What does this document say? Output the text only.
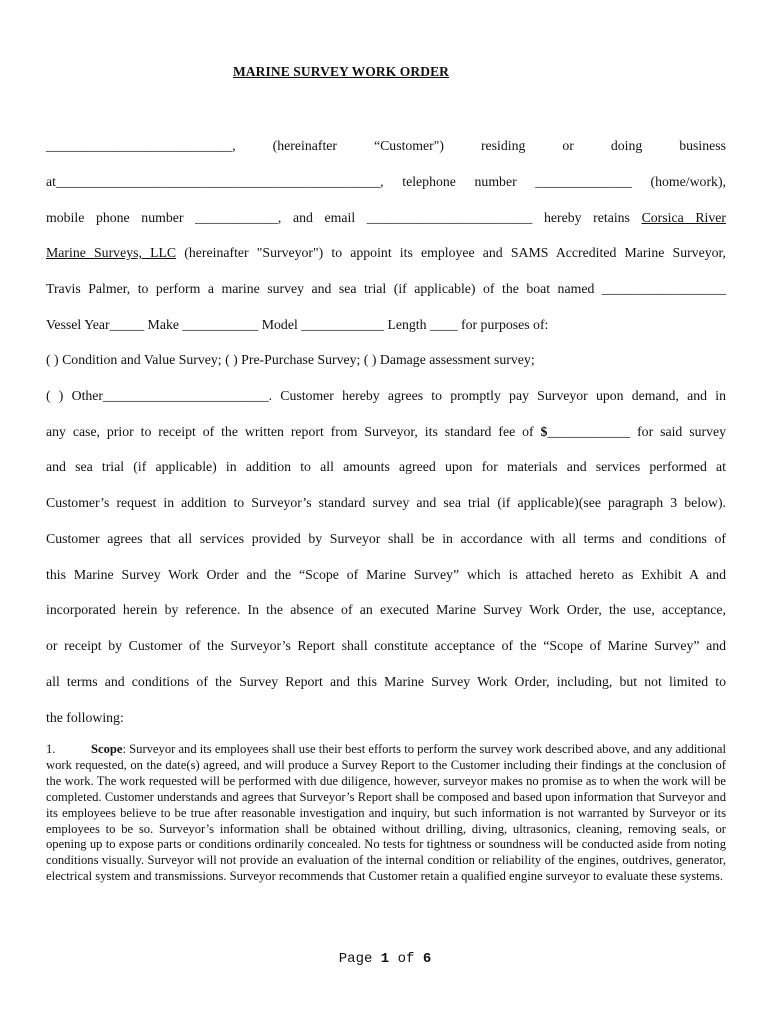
MARINE SURVEY WORK ORDER
___________________________, (hereinafter “Customer") residing or doing business
at_______________________________________________, telephone number ______________ (home/work),
mobile phone number ____________, and email ________________________ hereby retains Corsica River
Marine Surveys, LLC (hereinafter "Surveyor") to appoint its employee and SAMS Accredited Marine Surveyor,
Travis Palmer, to perform a marine survey and sea trial (if applicable) of the boat named __________________
Vessel Year_____ Make ___________ Model ____________ Length ____ for purposes of:
( ) Condition and Value Survey; ( ) Pre-Purchase Survey; ( ) Damage assessment survey;
( ) Other________________________. Customer hereby agrees to promptly pay Surveyor upon demand, and in
any case, prior to receipt of the written report from Surveyor, its standard fee of $____________ for said survey
and sea trial (if applicable) in addition to all amounts agreed upon for materials and services performed at
Customer’s request in addition to Surveyor’s standard survey and sea trial (if applicable)(see paragraph 3 below).
Customer agrees that all services provided by Surveyor shall be in accordance with all terms and conditions of
this Marine Survey Work Order and the “Scope of Marine Survey” which is attached hereto as Exhibit A and
incorporated herein by reference. In the absence of an executed Marine Survey Work Order, the use, acceptance,
or receipt by Customer of the Surveyor’s Report shall constitute acceptance of the “Scope of Marine Survey” and
all terms and conditions of the Survey Report and this Marine Survey Work Order, including, but not limited to
the following:
1.	Scope: Surveyor and its employees shall use their best efforts to perform the survey work described above, and any additional work requested, on the date(s) agreed, and will produce a Survey Report to the Customer including their findings at the conclusion of the work. The work requested will be performed with due diligence, however, surveyor makes no promise as to when the work will be completed. Customer understands and agrees that Surveyor’s Report shall be composed and based upon information that Surveyor and its employees believe to be true after reasonable investigation and inquiry, but such information is not warranted by Surveyor or its employees to be so. Surveyor’s information shall be obtained without drilling, diving, ultrasonics, cleaning, removing seals, or opening up to expose parts or conditions ordinarily concealed. No tests for tightness or soundness will be conducted aside from noting conditions visually. Surveyor will not provide an evaluation of the internal condition or reliability of the engines, outdrives, generator, electrical system and transmissions. Surveyor recommends that Customer retain a qualified engine surveyor to evaluate these systems.
Page 1 of 6
